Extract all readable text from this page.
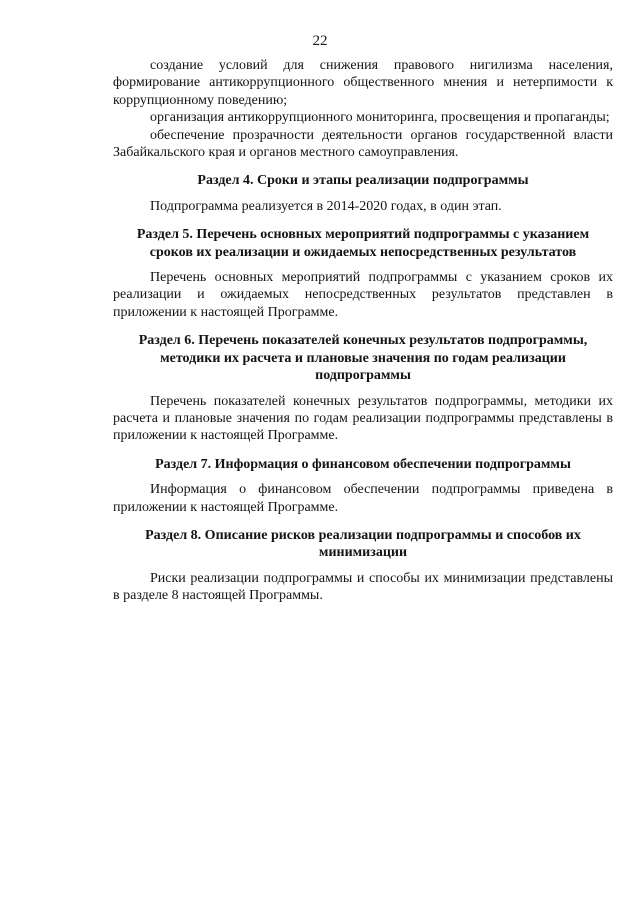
22

создание условий для снижения правового нигилизма населения, формирование антикоррупционного общественного мнения и нетерпимости к коррупционному поведению;

организация антикоррупционного мониторинга, просвещения и пропаганды;

обеспечение прозрачности деятельности органов государственной власти Забайкальского края и органов местного самоуправления.

Раздел 4. Сроки и этапы реализации подпрограммы

Подпрограмма реализуется в 2014-2020 годах, в один этап.

Раздел 5. Перечень основных мероприятий подпрограммы с указанием

сроков их реализации и ожидаемых непосредственных результатов

Перечень основных мероприятий подпрограммы с указанием сроков их реализации и ожидаемых непосредственных результатов представлен в приложении к настоящей Программе.

Раздел 6. Перечень показателей конечных результатов подпрограммы,

методики их расчета и плановые значения по годам реализации

подпрограммы

Перечень показателей конечных результатов подпрограммы, методики их расчета и плановые значения по годам реализации подпрограммы представлены в приложении к настоящей Программе.

Раздел 7. Информация о финансовом обеспечении подпрограммы

Информация о финансовом обеспечении подпрограммы приведена в приложении к настоящей Программе.

Раздел 8. Описание рисков реализации подпрограммы и способов их

минимизации

Риски реализации подпрограммы и способы их минимизации представлены в разделе 8 настоящей Программы.
